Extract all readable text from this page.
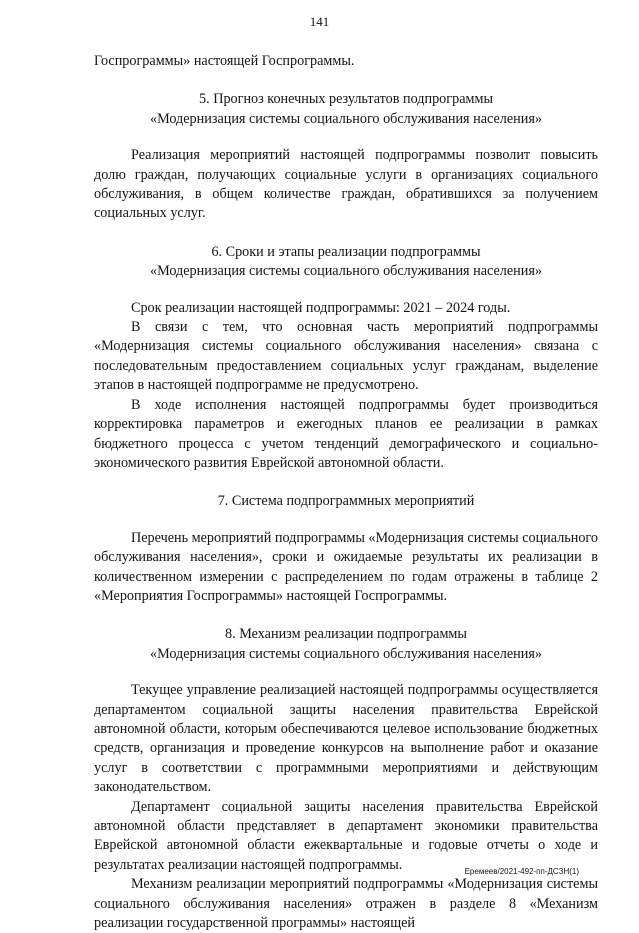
141

Госпрограммы» настоящей Госпрограммы.

5. Прогноз конечных результатов подпрограммы

«Модернизация системы социального обслуживания населения»

Реализация мероприятий настоящей подпрограммы позволит повысить долю граждан, получающих социальные услуги в организациях социального обслуживания, в общем количестве граждан, обратившихся за получением социальных услуг.

6. Сроки и этапы реализации подпрограммы

«Модернизация системы социального обслуживания населения»

Срок реализации настоящей подпрограммы: 2021 – 2024 годы.

В связи с тем, что основная часть мероприятий подпрограммы «Модернизация системы социального обслуживания населения» связана с последовательным предоставлением социальных услуг гражданам, выделение этапов в настоящей подпрограмме не предусмотрено.

В ходе исполнения настоящей подпрограммы будет производиться корректировка параметров и ежегодных планов ее реализации в рамках бюджетного процесса с учетом тенденций демографического и социально-экономического развития Еврейской автономной области.

7. Система подпрограммных мероприятий

Перечень мероприятий подпрограммы «Модернизация системы социального обслуживания населения», сроки и ожидаемые результаты их реализации в количественном измерении с распределением по годам отражены в таблице 2 «Мероприятия Госпрограммы» настоящей Госпрограммы.

8. Механизм реализации подпрограммы

«Модернизация системы социального обслуживания населения»

Текущее управление реализацией настоящей подпрограммы осуществляется департаментом социальной защиты населения правительства Еврейской автономной области, которым обеспечиваются целевое использование бюджетных средств, организация и проведение конкурсов на выполнение работ и оказание услуг в соответствии с программными мероприятиями и действующим законодательством.

Департамент социальной защиты населения правительства Еврейской автономной области представляет в департамент экономики правительства Еврейской автономной области ежеквартальные и годовые отчеты о ходе и результатах реализации настоящей подпрограммы.

Механизм реализации мероприятий подпрограммы «Модернизация системы социального обслуживания населения» отражен в разделе 8 «Механизм реализации государственной программы» настоящей

Еремеев/2021-492-пп-ДСЗН(1)
